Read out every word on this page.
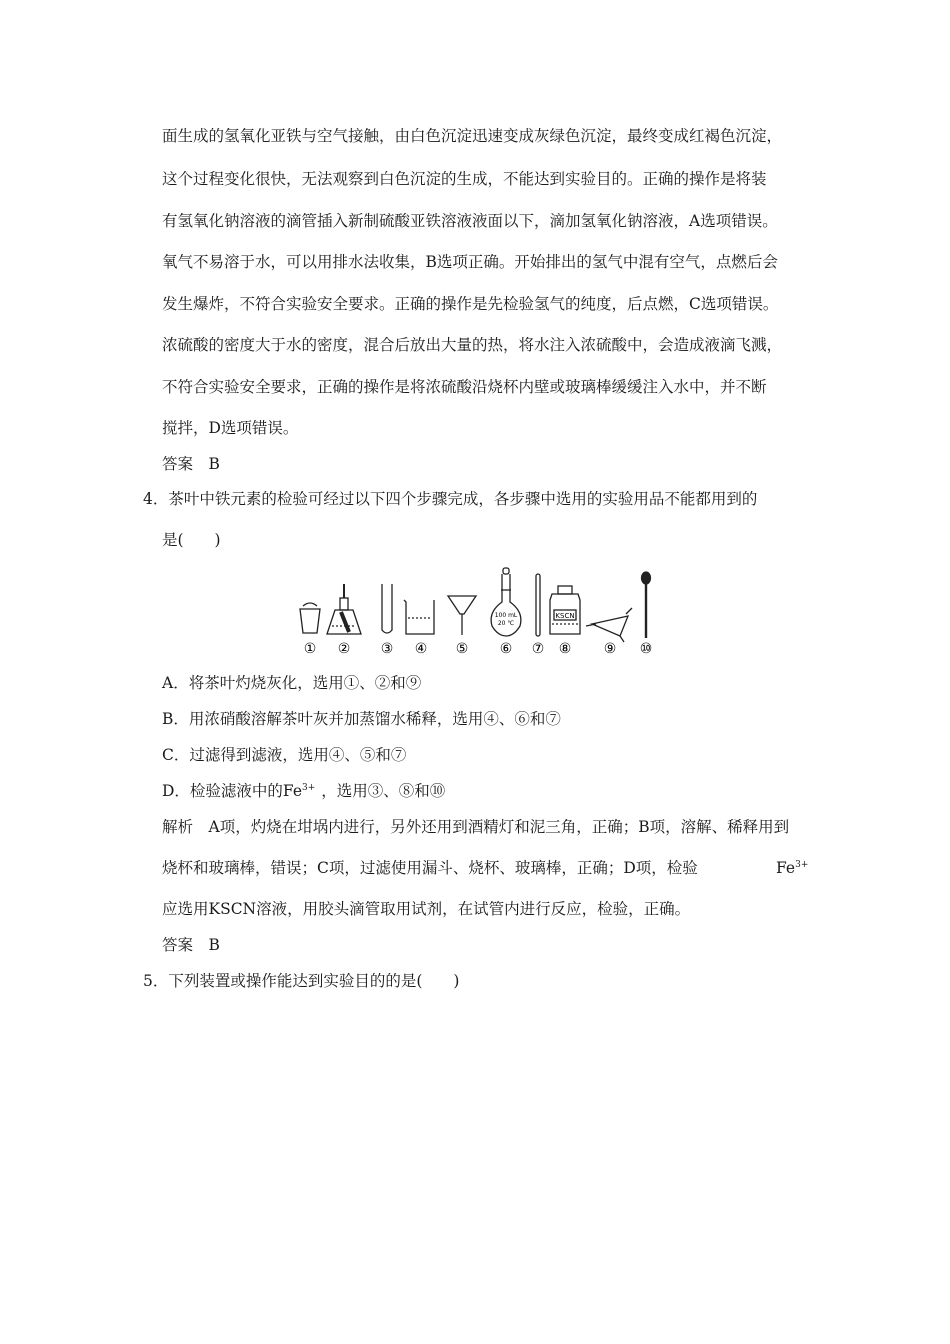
面生成的氢氧化亚铁与空气接触，由白色沉淀迅速变成灰绿色沉淀，最终变成红褐色沉淀，
这个过程变化很快，无法观察到白色沉淀的生成，不能达到实验目的。正确的操作是将装
有氢氧化钠溶液的滴管插入新制硫酸亚铁溶液液面以下，滴加氢氧化钠溶液，A选项错误。
氧气不易溶于水，可以用排水法收集，B选项正确。开始排出的氢气中混有空气，点燃后会
发生爆炸，不符合实验安全要求。正确的操作是先检验氢气的纯度，后点燃，C选项错误。
浓硫酸的密度大于水的密度，混合后放出大量的热，将水注入浓硫酸中，会造成液滴飞溅，
不符合实验安全要求，正确的操作是将浓硫酸沿烧杯内壁或玻璃棒缓缓注入水中，并不断
搅拌，D选项错误。
答案　B
4．茶叶中铁元素的检验可经过以下四个步骤完成，各步骤中选用的实验用品不能都用到的
是(　　)
100 mL
20 ℃
KSCN
① ② ③ ④ ⑤ ⑥ ⑦ ⑧ ⑨ ⑩
A．将茶叶灼烧灰化，选用①、②和⑨
B．用浓硝酸溶解茶叶灰并加蒸馏水稀释，选用④、⑥和⑦
C．过滤得到滤液，选用④、⑤和⑦
D．检验滤液中的$Fe^{3+}$ ，选用③、⑧和⑩
解析　A项，灼烧在坩埚内进行，另外还用到酒精灯和泥三角，正确；B项，溶解、稀释用到
烧杯和玻璃棒，错误；C项，过滤使用漏斗、烧杯、玻璃棒，正确；D项，检验	$Fe^{3+}$
应选用KSCN溶液，用胶头滴管取用试剂，在试管内进行反应，检验，正确。
答案　B
5．下列装置或操作能达到实验目的的是(　　)
